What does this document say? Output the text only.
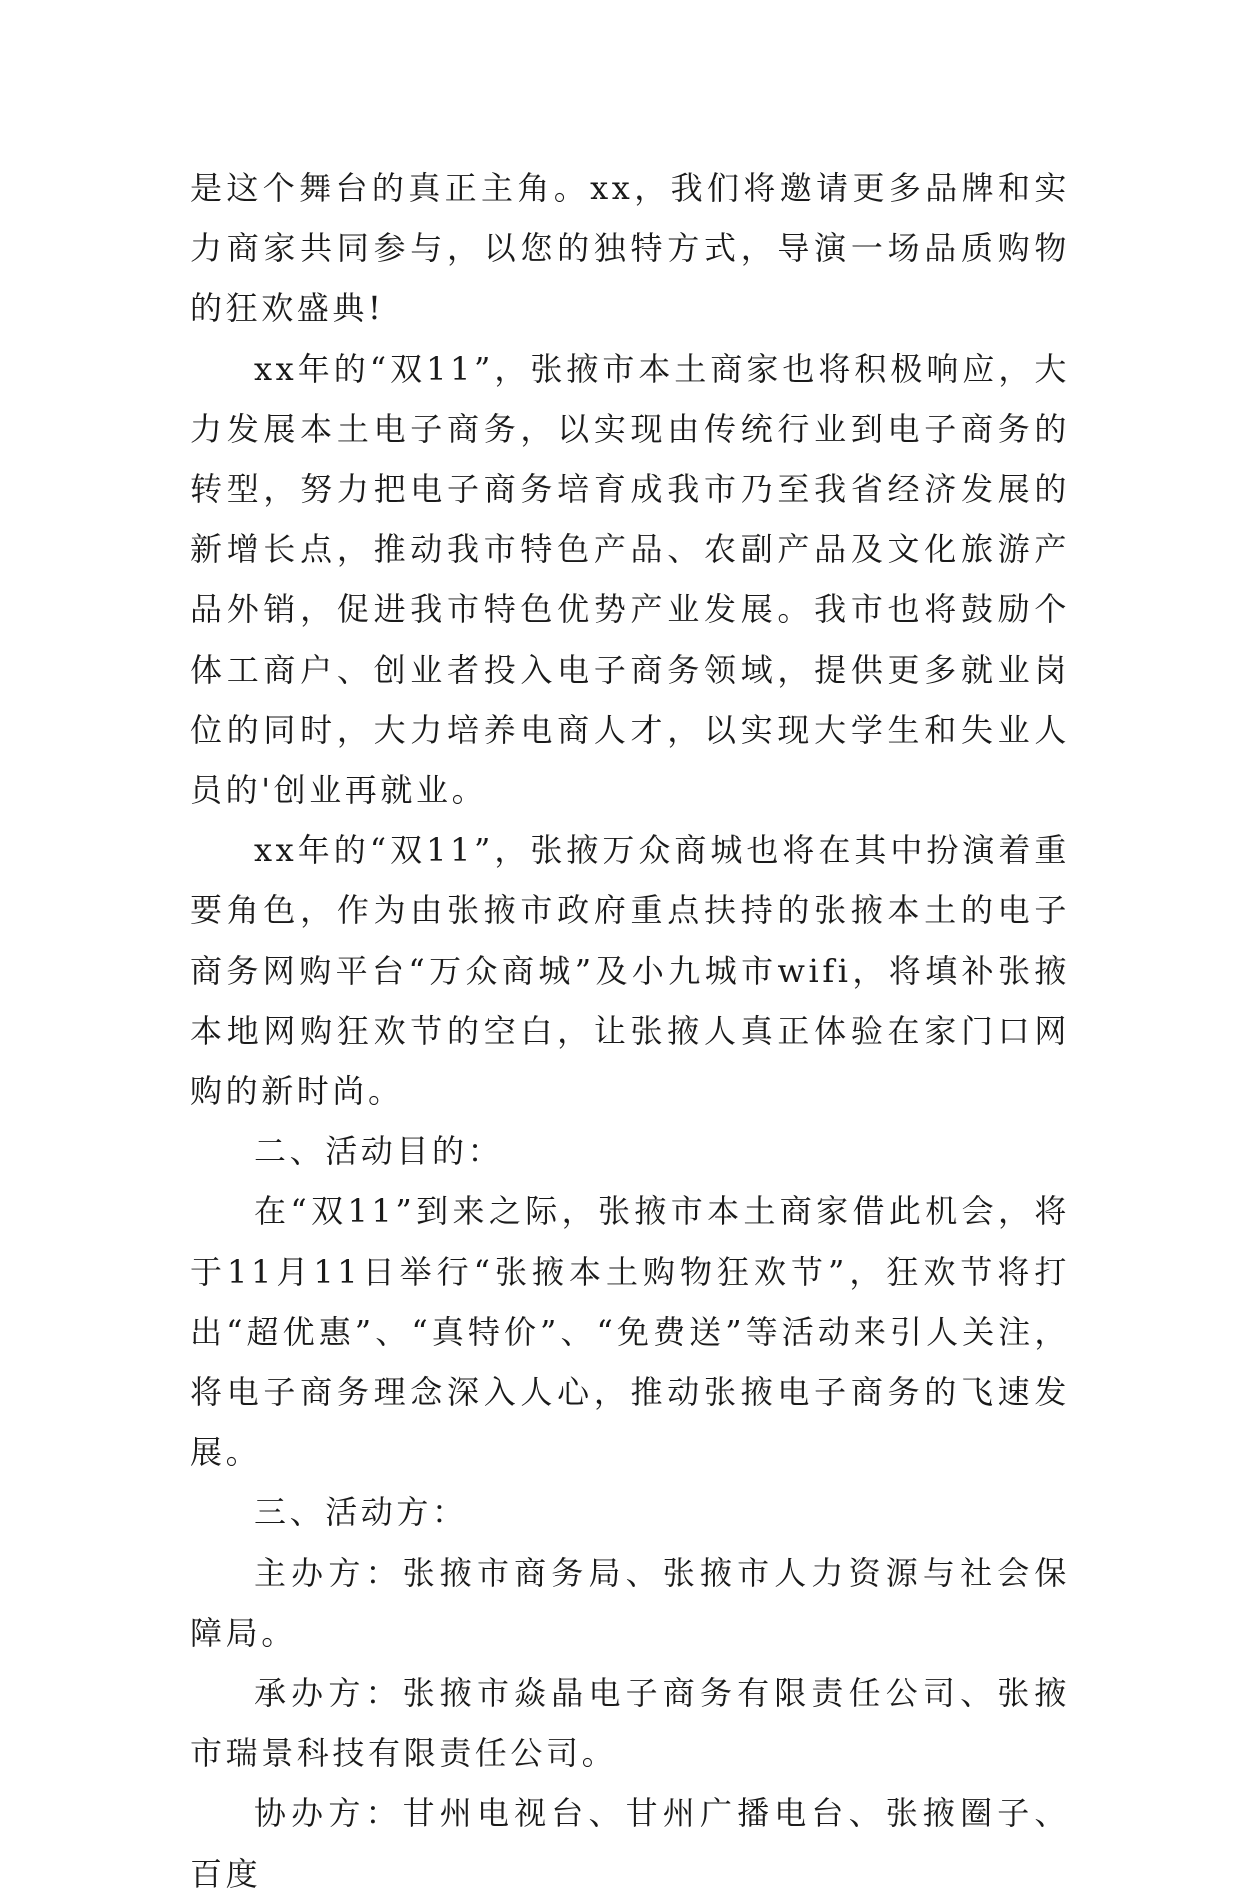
是这个舞台的真正主角。xx，我们将邀请更多品牌和实力商家共同参与，以您的独特方式，导演一场品质购物的狂欢盛典!

xx年的“双11”，张掖市本土商家也将积极响应，大力发展本土电子商务，以实现由传统行业到电子商务的转型，努力把电子商务培育成我市乃至我省经济发展的新增长点，推动我市特色产品、农副产品及文化旅游产品外销，促进我市特色优势产业发展。我市也将鼓励个体工商户、创业者投入电子商务领域，提供更多就业岗位的同时，大力培养电商人才，以实现大学生和失业人员的'创业再就业。

xx年的“双11”，张掖万众商城也将在其中扮演着重要角色，作为由张掖市政府重点扶持的张掖本土的电子商务网购平台“万众商城”及小九城市wifi，将填补张掖本地网购狂欢节的空白，让张掖人真正体验在家门口网购的新时尚。

二、活动目的：

在“双11”到来之际，张掖市本土商家借此机会，将于11月11日举行“张掖本土购物狂欢节”，狂欢节将打出“超优惠”、“真特价”、“免费送”等活动来引人关注，将电子商务理念深入人心，推动张掖电子商务的飞速发展。

三、活动方：

主办方：张掖市商务局、张掖市人力资源与社会保障局。

承办方：张掖市焱晶电子商务有限责任公司、张掖市瑞景科技有限责任公司。

协办方：甘州电视台、甘州广播电台、张掖圈子、百度
